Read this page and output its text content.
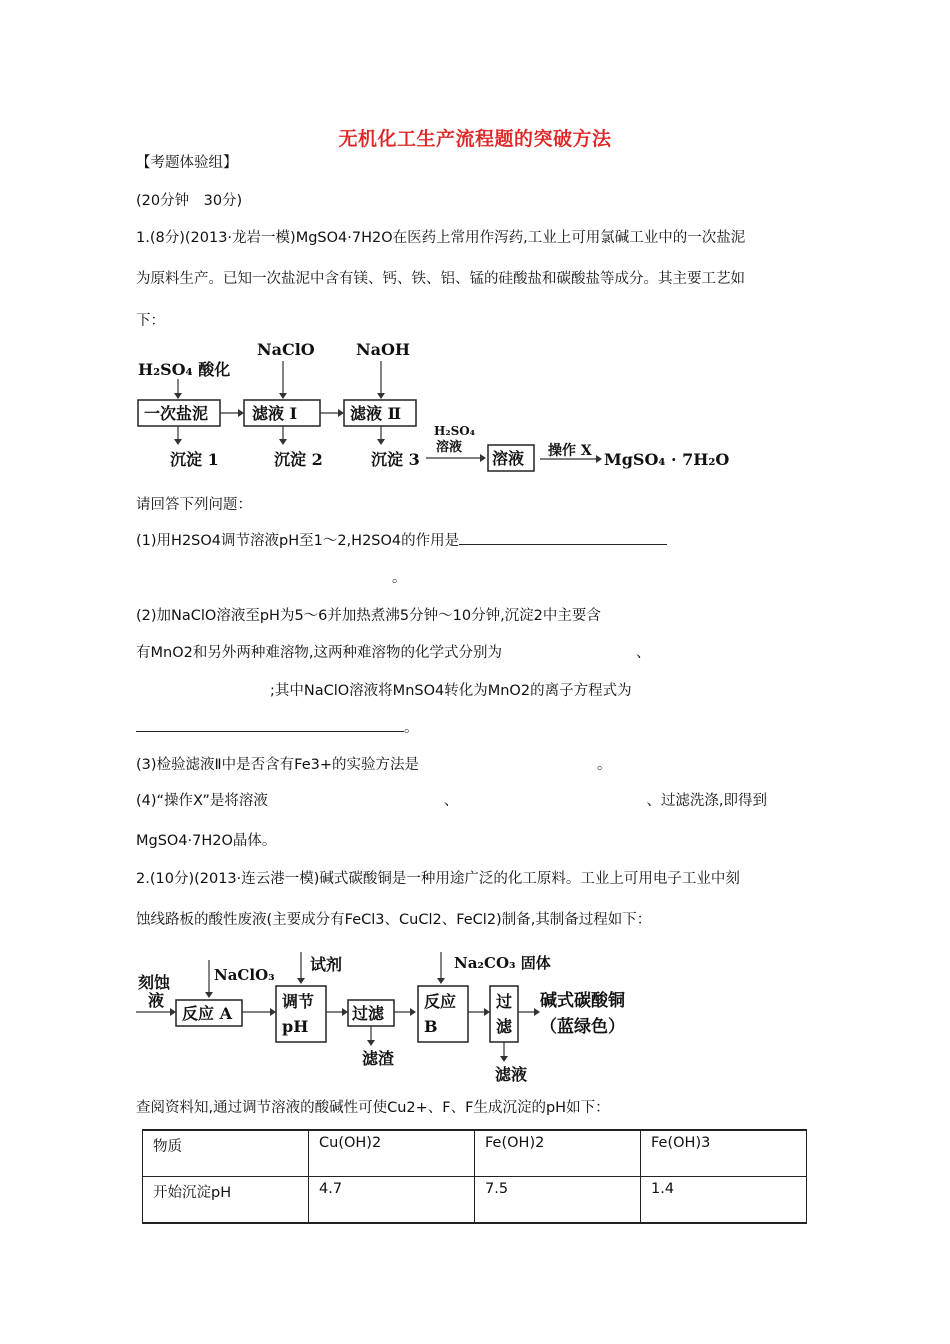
无机化工生产流程题的突破方法
【考题体验组】
(20分钟　30分)
1.(8分)(2013·龙岩一模)MgSO4·7H2O在医药上常用作泻药,工业上可用氯碱工业中的一次盐泥
为原料生产。已知一次盐泥中含有镁、钙、铁、铝、锰的硅酸盐和碳酸盐等成分。其主要工艺如
下：
H₂SO₄ 酸化
NaClO	NaOH
一次盐泥	滤液 Ⅰ	滤液 Ⅱ
沉淀 1	沉淀 2	沉淀 3
H₂SO₄
溶液
溶液 操作 X MgSO₄ · 7H₂O
请回答下列问题：
(1)用H2SO4调节溶液pH至1～2,H2SO4的作用是
。
(2)加NaClO溶液至pH为5～6并加热煮沸5分钟～10分钟,沉淀2中主要含
有MnO2和另外两种难溶物,这两种难溶物的化学式分别为	、
;其中NaClO溶液将MnSO4转化为MnO2的离子方程式为
。
(3)检验滤液Ⅱ中是否含有Fe3+的实验方法是	。
(4)“操作X”是将溶液	、	、过滤洗涤,即得到
MgSO4·7H2O晶体。
2.(10分)(2013·连云港一模)碱式碳酸铜是一种用途广泛的化工原料。工业上可用电子工业中刻
蚀线路板的酸性废液(主要成分有FeCl3、CuCl2、FeCl2)制备,其制备过程如下：
刻蚀
液
NaClO₃
反应 A
试剂
调节
pH
过滤
滤渣
Na₂CO₃ 固体
反应
B
过
滤
滤液
碱式碳酸铜
（蓝绿色）
查阅资料知,通过调节溶液的酸碱性可使Cu2+、F、F生成沉淀的pH如下：
物质	Cu(OH)2	Fe(OH)2	Fe(OH)3
开始沉淀pH	4.7	7.5	1.4
